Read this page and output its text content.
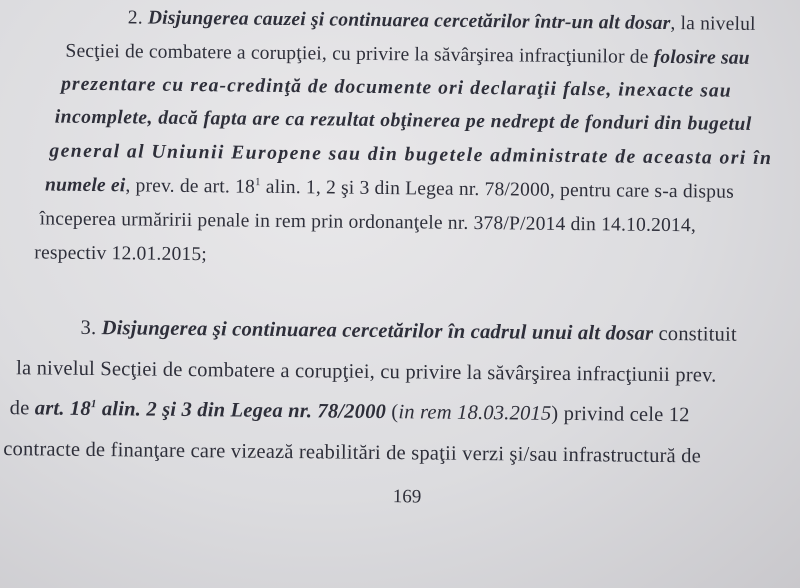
2. Disjungerea cauzei şi continuarea cercetărilor într-un alt dosar, la nivelul
Secţiei de combatere a corupţiei, cu privire la săvârşirea infracţiunilor de folosire sau
prezentare cu rea-credinţă de documente ori declaraţii false, inexacte sau
incomplete, dacă fapta are ca rezultat obţinerea pe nedrept de fonduri din bugetul
general al Uniunii Europene sau din bugetele administrate de aceasta ori în
numele ei, prev. de art. $18^1$ alin. 1, 2 şi 3 din Legea nr. 78/2000, pentru care s-a dispus
începerea urmăririi penale in rem prin ordonanţele nr. 378/P/2014 din 14.10.2014,
respectiv 12.01.2015;
3. Disjungerea şi continuarea cercetărilor în cadrul unui alt dosar constituit
la nivelul Secţiei de combatere a corupţiei, cu privire la săvârşirea infracţiunii prev.
de art. $18^1$ alin. 2 şi 3 din Legea nr. 78/2000 (in rem 18.03.2015) privind cele 12
contracte de finanţare care vizează reabilitări de spaţii verzi şi/sau infrastructură de
169
